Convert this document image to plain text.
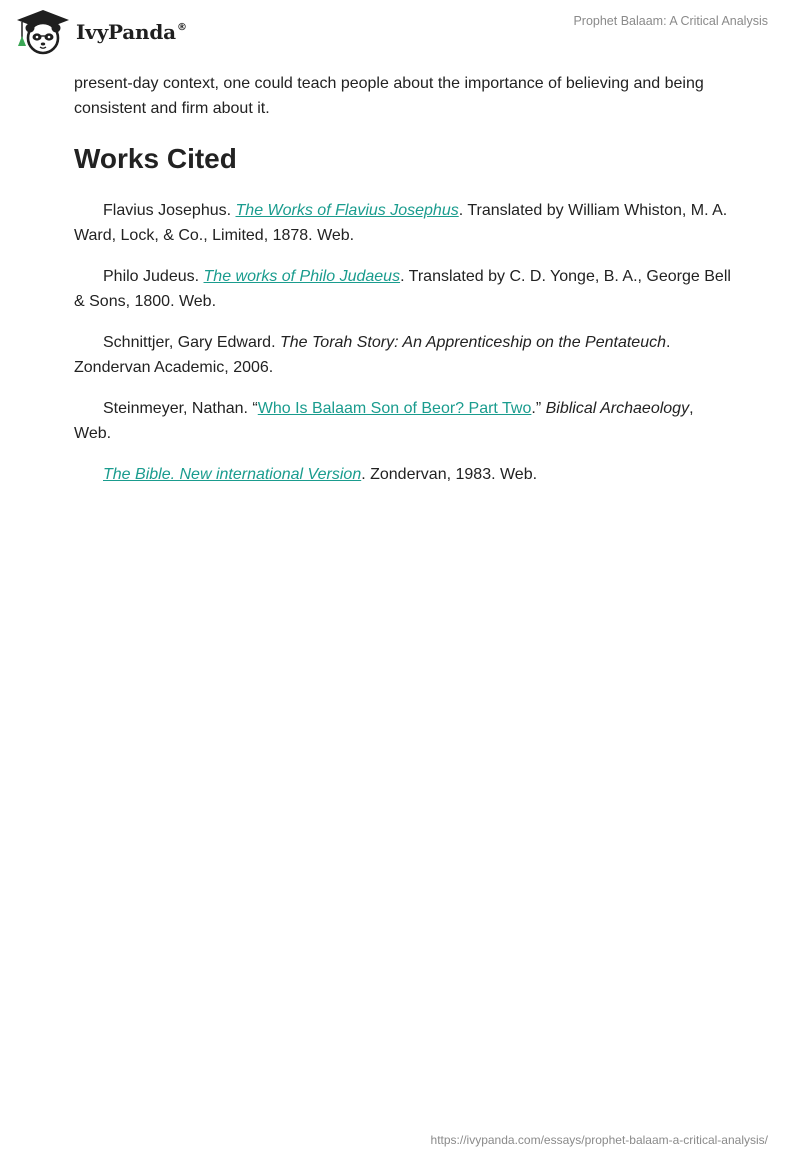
IvyPanda®	Prophet Balaam: A Critical Analysis

present-day context, one could teach people about the importance of believing and being consistent and firm about it.

Works Cited

Flavius Josephus. The Works of Flavius Josephus. Translated by William Whiston, M. A. Ward, Lock, & Co., Limited, 1878. Web.

Philo Judeus. The works of Philo Judaeus. Translated by C. D. Yonge, B. A., George Bell & Sons, 1800. Web.

Schnittjer, Gary Edward. The Torah Story: An Apprenticeship on the Pentateuch. Zondervan Academic, 2006.

Steinmeyer, Nathan. “Who Is Balaam Son of Beor? Part Two.” Biblical Archaeology, Web.

The Bible. New international Version. Zondervan, 1983. Web.

https://ivypanda.com/essays/prophet-balaam-a-critical-analysis/
